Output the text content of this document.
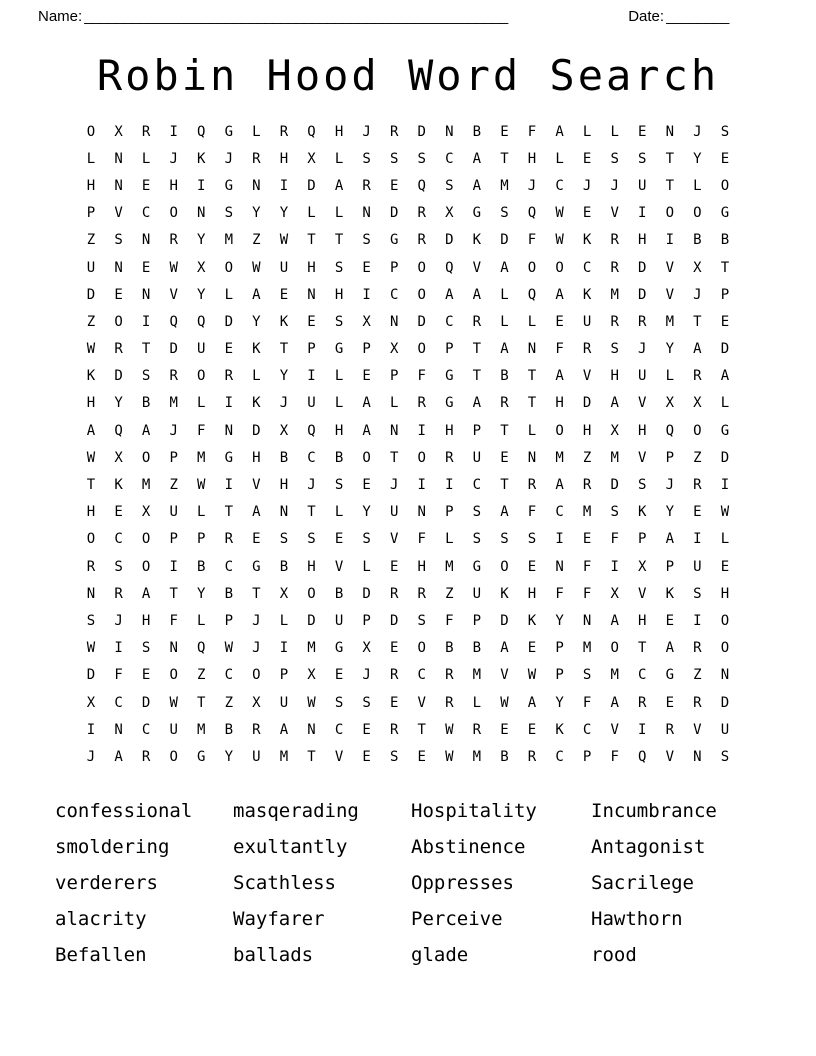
Name: ______________________________________________________	Date: ________
Robin Hood Word Search
O	X	R	I	Q	G	L	R	Q	H	J	R	D	N	B	E	F	A	L	L	E	N	J	S
L	N	L	J	K	J	R	H	X	L	S	S	S	C	A	T	H	L	E	S	S	T	Y	E
H	N	E	H	I	G	N	I	D	A	R	E	Q	S	A	M	J	C	J	J	U	T	L	O
P	V	C	O	N	S	Y	Y	L	L	N	D	R	X	G	S	Q	W	E	V	I	O	O	G
Z	S	N	R	Y	M	Z	W	T	T	S	G	R	D	K	D	F	W	K	R	H	I	B	B
U	N	E	W	X	O	W	U	H	S	E	P	O	Q	V	A	O	O	C	R	D	V	X	T
D	E	N	V	Y	L	A	E	N	H	I	C	O	A	A	L	Q	A	K	M	D	V	J	P
Z	O	I	Q	Q	D	Y	K	E	S	X	N	D	C	R	L	L	E	U	R	R	M	T	E
W	R	T	D	U	E	K	T	P	G	P	X	O	P	T	A	N	F	R	S	J	Y	A	D
K	D	S	R	O	R	L	Y	I	L	E	P	F	G	T	B	T	A	V	H	U	L	R	A
H	Y	B	M	L	I	K	J	U	L	A	L	R	G	A	R	T	H	D	A	V	X	X	L
A	Q	A	J	F	N	D	X	Q	H	A	N	I	H	P	T	L	O	H	X	H	Q	O	G
W	X	O	P	M	G	H	B	C	B	O	T	O	R	U	E	N	M	Z	M	V	P	Z	D
T	K	M	Z	W	I	V	H	J	S	E	J	I	I	C	T	R	A	R	D	S	J	R	I
H	E	X	U	L	T	A	N	T	L	Y	U	N	P	S	A	F	C	M	S	K	Y	E	W
O	C	O	P	P	R	E	S	S	E	S	V	F	L	S	S	S	I	E	F	P	A	I	L
R	S	O	I	B	C	G	B	H	V	L	E	H	M	G	O	E	N	F	I	X	P	U	E
N	R	A	T	Y	B	T	X	O	B	D	R	R	Z	U	K	H	F	F	X	V	K	S	H
S	J	H	F	L	P	J	L	D	U	P	D	S	F	P	D	K	Y	N	A	H	E	I	O
W	I	S	N	Q	W	J	I	M	G	X	E	O	B	B	A	E	P	M	O	T	A	R	O
D	F	E	O	Z	C	O	P	X	E	J	R	C	R	M	V	W	P	S	M	C	G	Z	N
X	C	D	W	T	Z	X	U	W	S	S	E	V	R	L	W	A	Y	F	A	R	E	R	D
I	N	C	U	M	B	R	A	N	C	E	R	T	W	R	E	E	K	C	V	I	R	V	U
J	A	R	O	G	Y	U	M	T	V	E	S	E	W	M	B	R	C	P	F	Q	V	N	S
confessional	masqerading	Hospitality	Incumbrance
smoldering	exultantly	Abstinence	Antagonist
verderers	Scathless	Oppresses	Sacrilege
alacrity	Wayfarer	Perceive	Hawthorn
Befallen	ballads	glade	rood
